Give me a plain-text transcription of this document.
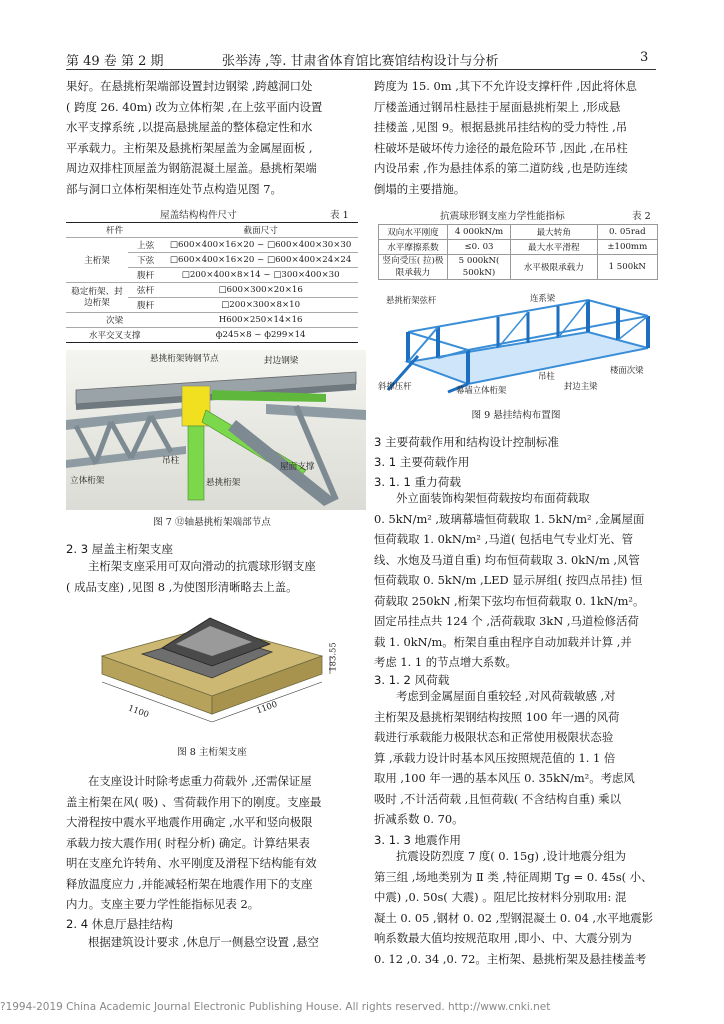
第 49 卷 第 2 期	张举涛 ,等. 甘肃省体育馆比赛馆结构设计与分析	3
果好。在悬挑桁架端部设置封边钢梁 ,跨越洞口处
( 跨度 26. 40m) 改为立体桁架 ,在上弦平面内设置
水平支撑系统 ,以提高悬挑屋盖的整体稳定性和水
平承载力。主桁架及悬挑桁架屋盖为金属屋面板 ,
周边双排柱顶屋盖为钢筋混凝土屋盖。悬挑桁架端
部与洞口立体桁架相连处节点构造见图 7。
屋盖结构构件尺寸	表 1
杆件		截面尺寸
主桁架	上弦	□600×400×16×20 ~ □600×400×30×30
	下弦	□600×400×16×20 ~ □600×400×24×24
	腹杆	□200×400×8×14 ~ □300×400×30
稳定桁架、封边桁架	弦杆	□600×300×20×16
	腹杆	□200×300×8×10
次梁		H600×250×14×16
水平交叉支撑		ф245×8 ~ ф299×14
悬挑桁架铸钢节点	封边钢梁
吊柱
立体桁架	悬挑桁架
屋面支撑
图 7 ⑫轴悬挑桁架端部节点
2. 3 屋盖主桁架支座
主桁架支座采用可双向滑动的抗震球形钢支座
( 成品支座) ,见图 8 ,为使图形清晰略去上盖。
1100	1100
183.55
图 8 主桁架支座
在支座设计时除考虑重力荷载外 ,还需保证屋
盖主桁架在风( 吸) 、雪荷载作用下的刚度。支座最
大滑程按中震水平地震作用确定 ,水平和竖向极限
承载力按大震作用( 时程分析) 确定。计算结果表
明在支座允许转角、水平刚度及滑程下结构能有效
释放温度应力 ,并能减轻桁架在地震作用下的支座
内力。支座主要力学性能指标见表 2。
2. 4 休息厅悬挂结构
根据建筑设计要求 ,休息厅一侧悬空设置 ,悬空
跨度为 15. 0m ,其下不允许设支撑杆件 ,因此将休息
厅楼盖通过钢吊柱悬挂于屋面悬挑桁架上 ,形成悬
挂楼盖 ,见图 9。根据悬挑吊挂结构的受力特性 ,吊
柱破坏是破坏传力途径的最危险环节 ,因此 ,在吊柱
内设吊索 ,作为悬挂体系的第二道防线 ,也是防连续
倒塌的主要措施。
抗震球形钢支座力学性能指标	表 2
双向水平刚度	4 000kN/m	最大转角	0. 05rad
水平摩擦系数	≤0. 03	最大水平滑程	±100mm
竖向受压( 拉)极限承载力	5 000kN( 500kN)	水平极限承载力	1 500kN
悬挑桁架弦杆	连系梁
斜撑压杆	幕墙立体桁架
吊柱
封边主梁
楼面次梁
图 9 悬挂结构布置图
3 主要荷载作用和结构设计控制标准
3. 1 主要荷载作用
3. 1. 1 重力荷载
外立面装饰构架恒荷载按均布面荷载取
0. 5kN/m² ,玻璃幕墙恒荷载取 1. 5kN/m² ,金属屋面
恒荷载取 1. 0kN/m² ,马道( 包括电气专业灯光、管
线、水炮及马道自重) 均布恒荷载取 3. 0kN/m ,风管
恒荷载取 0. 5kN/m ,LED 显示屏组( 按四点吊挂) 恒
荷载取 250kN ,桁架下弦均布恒荷载取 0. 1kN/m²。
固定吊挂点共 124 个 ,活荷载取 3kN ,马道检修活荷
载 1. 0kN/m。桁架自重由程序自动加载并计算 ,并
考虑 1. 1 的节点增大系数。
3. 1. 2 风荷载
考虑到金属屋面自重较轻 ,对风荷载敏感 ,对
主桁架及悬挑桁架钢结构按照 100 年一遇的风荷
载进行承载能力极限状态和正常使用极限状态验
算 ,承载力设计时基本风压按照规范值的 1. 1 倍
取用 ,100 年一遇的基本风压 0. 35kN/m²。考虑风
吸时 ,不计活荷载 ,且恒荷载( 不含结构自重) 乘以
折减系数 0. 70。
3. 1. 3 地震作用
抗震设防烈度 7 度( 0. 15g) ,设计地震分组为
第三组 ,场地类别为 Ⅱ 类 ,特征周期 Tg = 0. 45s( 小、
中震) ,0. 50s( 大震) 。阻尼比按材料分别取用: 混
凝土 0. 05 ,钢材 0. 02 ,型钢混凝土 0. 04 ,水平地震影
响系数最大值均按规范取用 ,即小、中、大震分别为
0. 12 ,0. 34 ,0. 72。主桁架、悬挑桁架及悬挂楼盖考
?1994-2019 China Academic Journal Electronic Publishing House. All rights reserved. http://www.cnki.net
